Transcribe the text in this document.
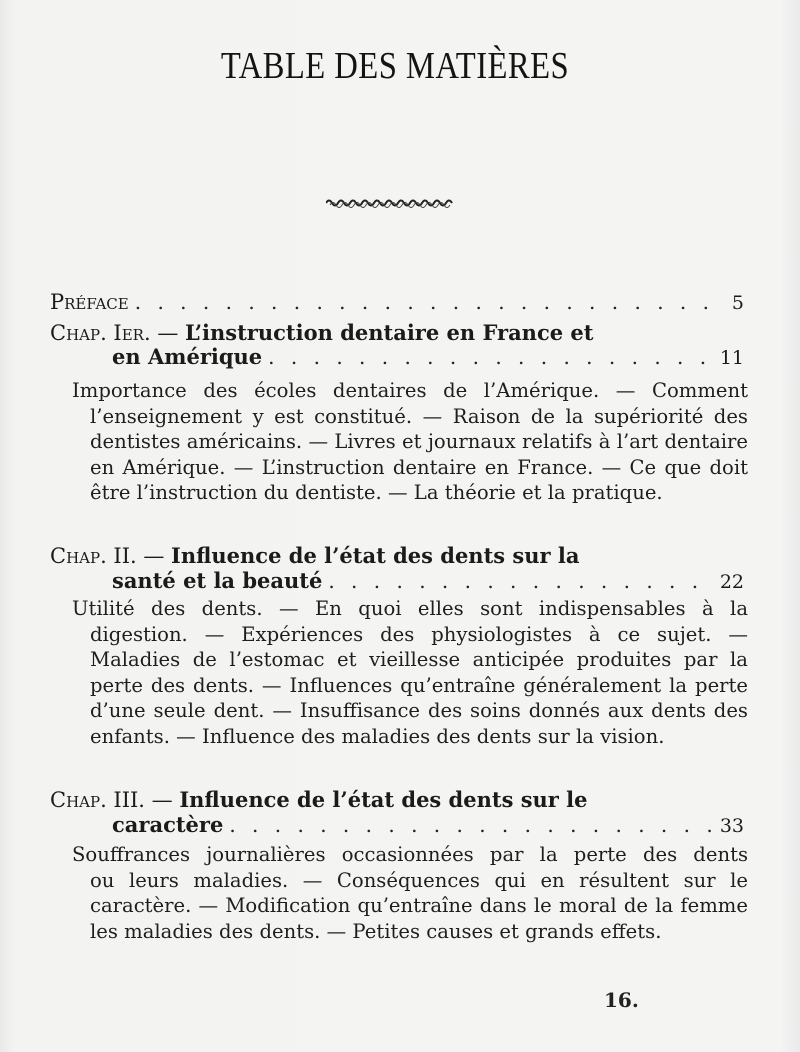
TABLE DES MATIÈRES
Préface . . .	5
Chap. Ier. — L’instruction dentaire en France et
en Amérique . . .	11

Importance des écoles dentaires de l’Amérique. — Comment

l’enseignement y est constitué. — Raison de la supériorité des dentistes américains. — Livres et journaux relatifs à l’art dentaire en Amérique. — L’instruction dentaire en France. — Ce que doit être l’instruction du dentiste. — La théorie et la pratique.

Chap. II. — Influence de l’état des dents sur la
santé et la beauté . . .	22

Utilité des dents. — En quoi elles sont indispensables à la

digestion. — Expériences des physiologistes à ce sujet. — Maladies de l’estomac et vieillesse anticipée produites par la perte des dents. — Influences qu’entraîne généralement la perte d’une seule dent. — Insuffisance des soins donnés aux dents des enfants. — Influence des maladies des dents sur la vision.

Chap. III. — Influence de l’état des dents sur le
caractère . . .	33

Souffrances journalières occasionnées par la perte des dents

ou leurs maladies. — Conséquences qui en résultent sur le caractère. — Modification qu’entraîne dans le moral de la femme les maladies des dents. — Petites causes et grands effets.

16.
